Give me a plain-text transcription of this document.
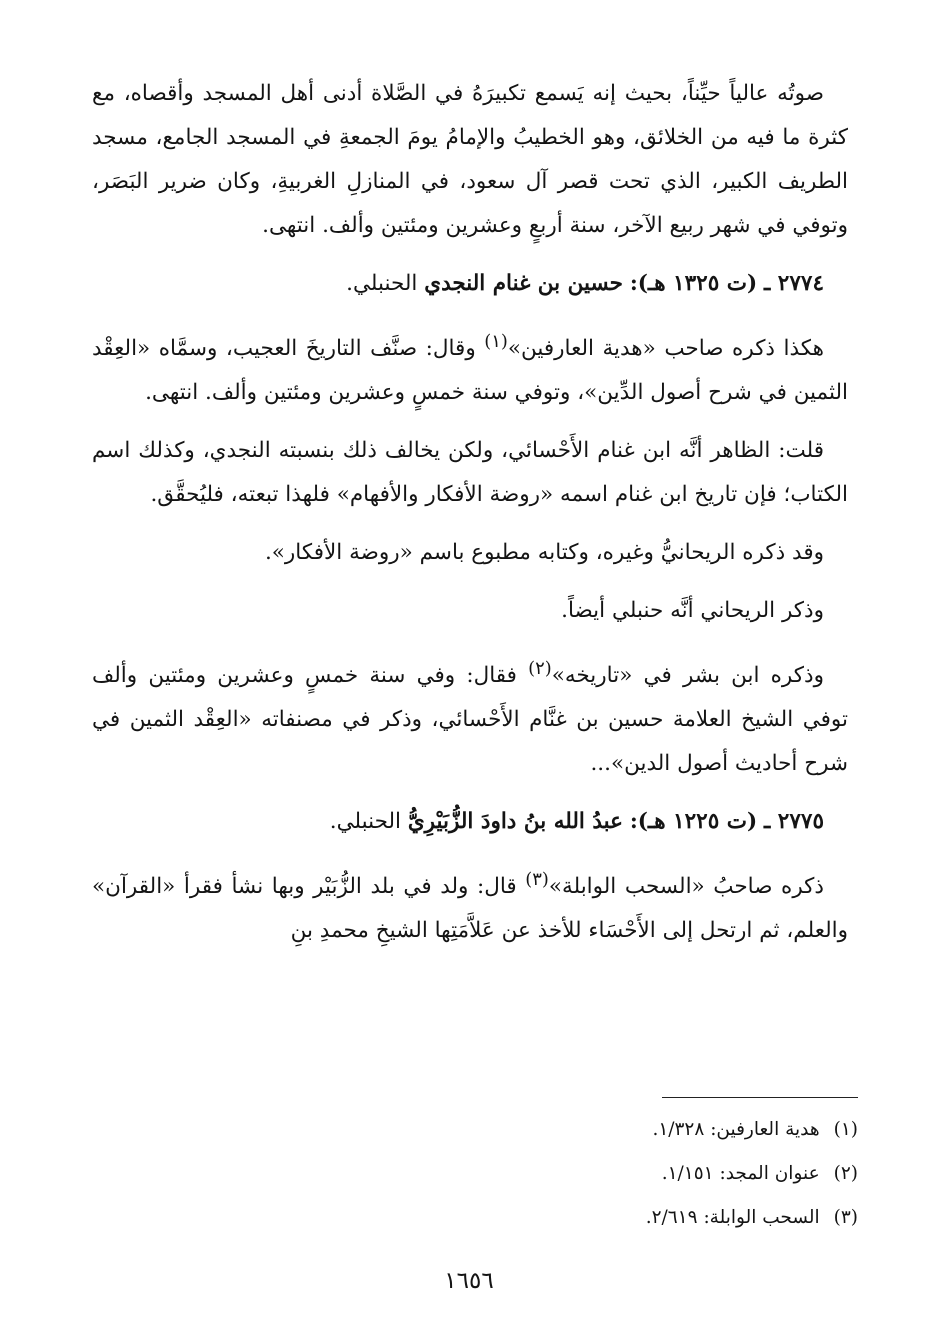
صوتُه عالياً حيِّناً، بحيث إنه يَسمع تكبيرَهُ في الصَّلاة أدنى أهل المسجد وأقصاه، مع كثرة ما فيه من الخلائق، وهو الخطيبُ والإمامُ يومَ الجمعةِ في المسجد الجامع، مسجد الطريف الكبير، الذي تحت قصر آل سعود، في المنازلِ الغربيةِ، وكان ضرير البَصَر، وتوفي في شهر ربيع الآخر، سنة أربعٍ وعشرين ومئتين وألف. انتهى.

٢٧٧٤ ـ (ت ١٣٢٥ هـ): حسين بن غنام النجدي الحنبلي.

هكذا ذكره صاحب «هدية العارفين»$^{(١)}$ وقال: صنَّف التاريخَ العجيب، وسمَّاه «العِقْد الثمين في شرح أصول الدِّين»، وتوفي سنة خمسٍ وعشرين ومئتين وألف. انتهى.

قلت: الظاهر أنَّه ابن غنام الأَحْسائي، ولكن يخالف ذلك بنسبته النجدي، وكذلك اسم الكتاب؛ فإن تاريخ ابن غنام اسمه «روضة الأفكار والأفهام» فلهذا تبعته، فليُحقَّق.

وقد ذكره الريحانيُّ وغيره، وكتابه مطبوع باسم «روضة الأفكار».

وذكر الريحاني أنَّه حنبلي أيضاً.

وذكره ابن بشر في «تاريخه»$^{(٢)}$ فقال: وفي سنة خمسٍ وعشرين ومئتين وألف توفي الشيخ العلامة حسين بن غنَّام الأَحْسائي، وذكر في مصنفاته «العِقْد الثمين في شرح أحاديث أصول الدين»...

٢٧٧٥ ـ (ت ١٢٢٥ هـ): عبدُ الله بنُ داودَ الزُّبَيْرِيُّ الحنبلي.

ذكره صاحبُ «السحب الوابلة»$^{(٣)}$ قال: ولد في بلد الزُّبَيْر وبها نشأ فقرأ «القرآن» والعلم، ثم ارتحل إلى الأَحْسَاء للأخذ عن عَلاَّمَتِها الشيخِ محمدِ بنِ

(١)هدية العارفين: ١/٣٢٨.

(٢)عنوان المجد: ١/١٥١.

(٣)السحب الوابلة: ٢/٦١٩.

١٦٥٦
